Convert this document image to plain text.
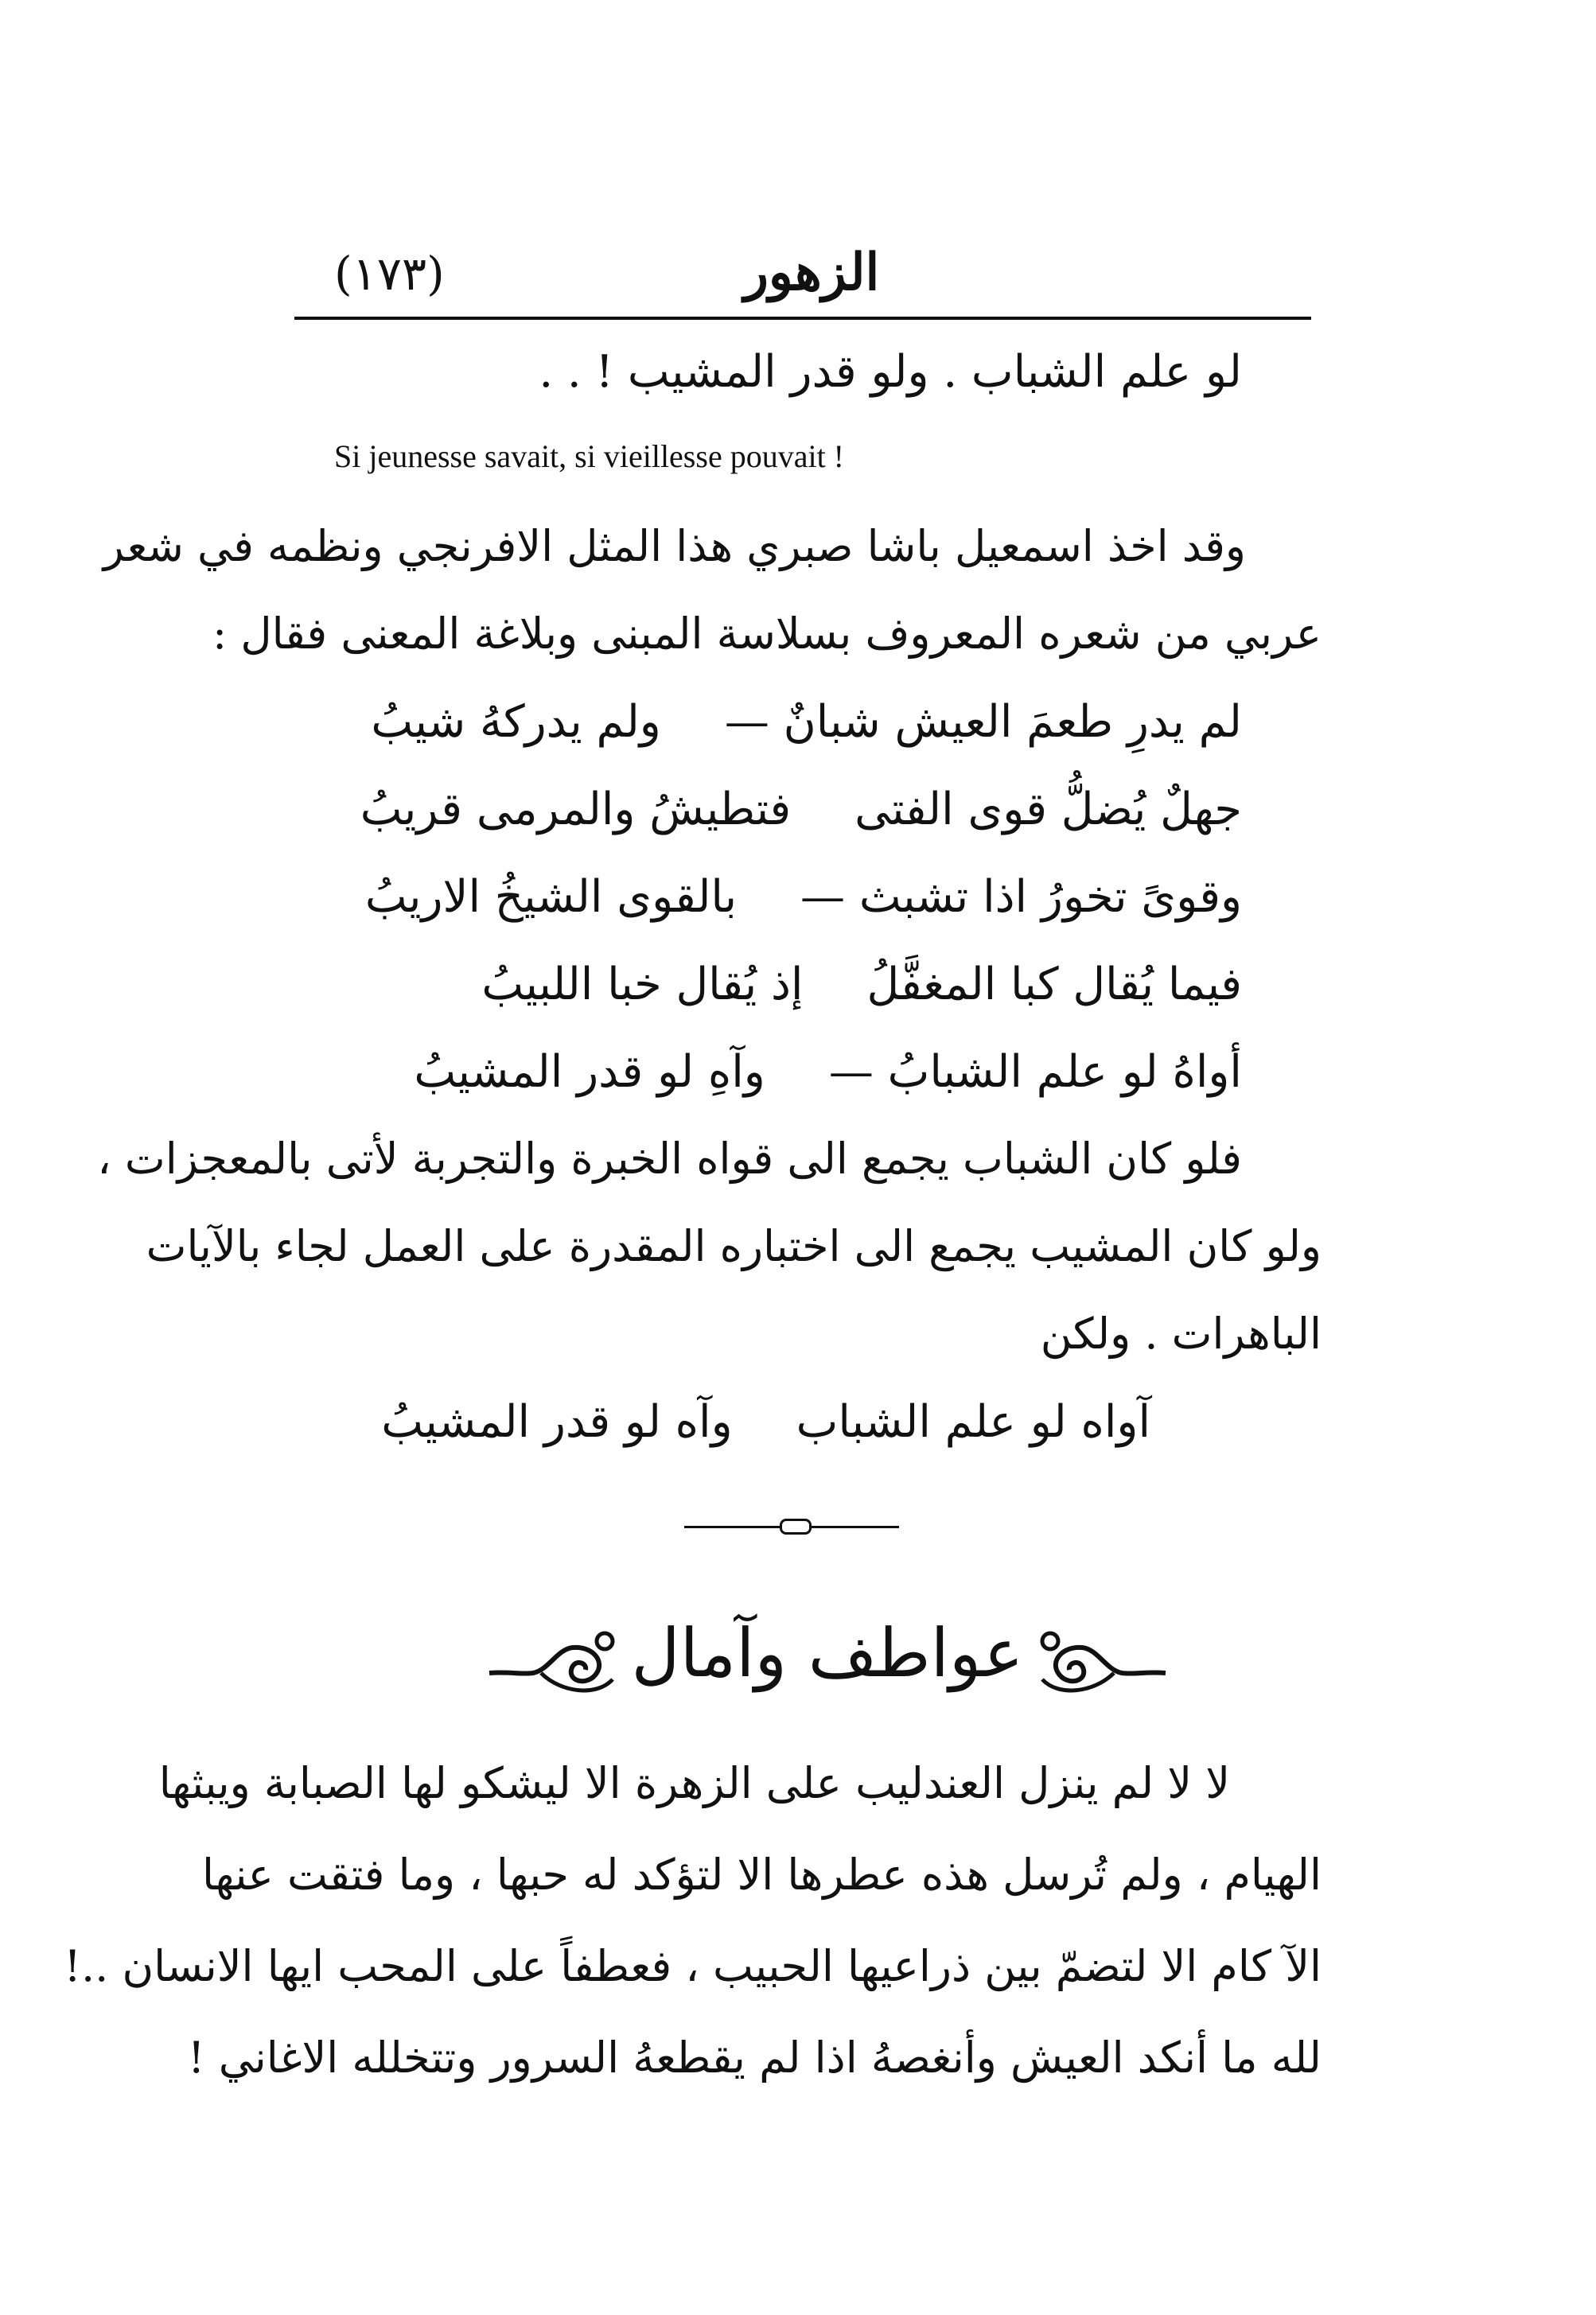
(١٧٣)	الزهور
لو علم الشباب . ولو قدر المشيب ! . .
Si jeunesse savait, si vieillesse pouvait !
وقد اخذ اسمعيل باشا صبري هذا المثل الافرنجي ونظمه في شعر
عربي من شعره المعروف بسلاسة المبنى وبلاغة المعنى فقال :
لم يدرِ طعمَ العيش شبانٌ —ولم يدركهُ شيبُ
جهلٌ يُضلُّ قوى الفتىفتطيشُ والمرمى قريبُ
وقوىً تخورُ اذا تشبث —بالقوى الشيخُ الاريبُ
فيما يُقال كبا المغفَّلُإذ يُقال خبا اللبيبُ
أواهُ لو علم الشبابُ —وآهِ لو قدر المشيبُ
فلو كان الشباب يجمع الى قواه الخبرة والتجربة لأتى بالمعجزات ،
ولو كان المشيب يجمع الى اختباره المقدرة على العمل لجاء بالآيات
الباهرات . ولكن
آواه لو علم الشبابوآه لو قدر المشيبُ
عواطف وآمال
لا لا لم ينزل العندليب على الزهرة الا ليشكو لها الصبابة ويبثها
الهيام ، ولم تُرسل هذه عطرها الا لتؤكد له حبها ، وما فتقت عنها
الآ كام الا لتضمّ بين ذراعيها الحبيب ، فعطفاً على المحب ايها الانسان ..!
لله ما أنكد العيش وأنغصهُ اذا لم يقطعهُ السرور وتتخلله الاغاني !
